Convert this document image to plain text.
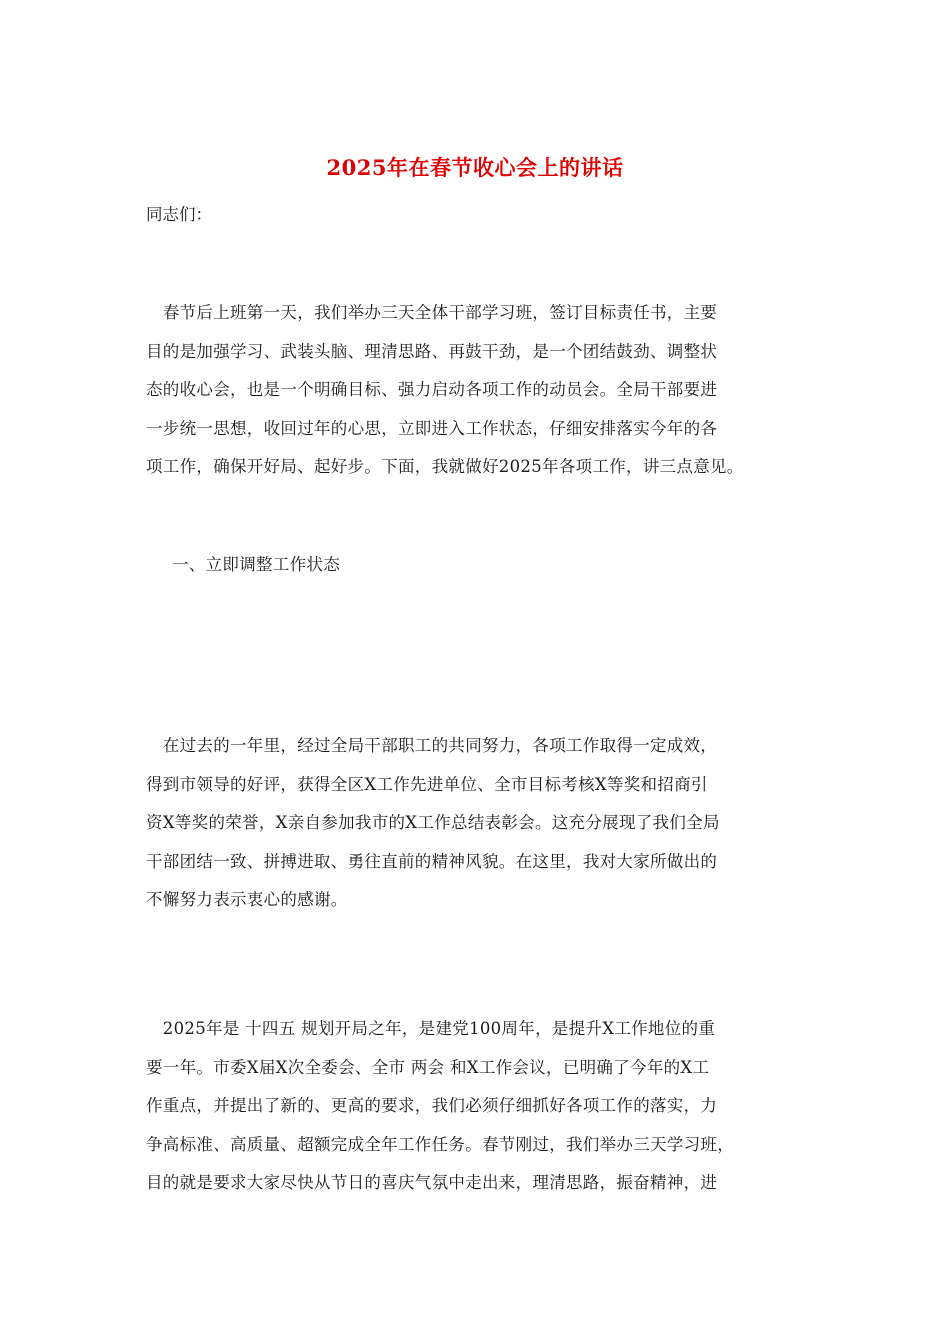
2025年在春节收心会上的讲话
同志们：
　春节后上班第一天，我们举办三天全体干部学习班，签订目标责任书，主要
目的是加强学习、武装头脑、理清思路、再鼓干劲，是一个团结鼓劲、调整状
态的收心会，也是一个明确目标、强力启动各项工作的动员会。全局干部要进
一步统一思想，收回过年的心思，立即进入工作状态，仔细安排落实今年的各
项工作，确保开好局、起好步。下面，我就做好2025年各项工作，讲三点意见。
一、立即调整工作状态
　在过去的一年里，经过全局干部职工的共同努力，各项工作取得一定成效，
得到市领导的好评，获得全区X工作先进单位、全市目标考核X等奖和招商引
资X等奖的荣誉，X亲自参加我市的X工作总结表彰会。这充分展现了我们全局
干部团结一致、拼搏进取、勇往直前的精神风貌。在这里，我对大家所做出的
不懈努力表示衷心的感谢。
　2025年是 十四五 规划开局之年，是建党100周年，是提升X工作地位的重
要一年。市委X届X次全委会、全市 两会 和X工作会议，已明确了今年的X工
作重点，并提出了新的、更高的要求，我们必须仔细抓好各项工作的落实，力
争高标准、高质量、超额完成全年工作任务。春节刚过，我们举办三天学习班，
目的就是要求大家尽快从节日的喜庆气氛中走出来，理清思路，振奋精神，进
